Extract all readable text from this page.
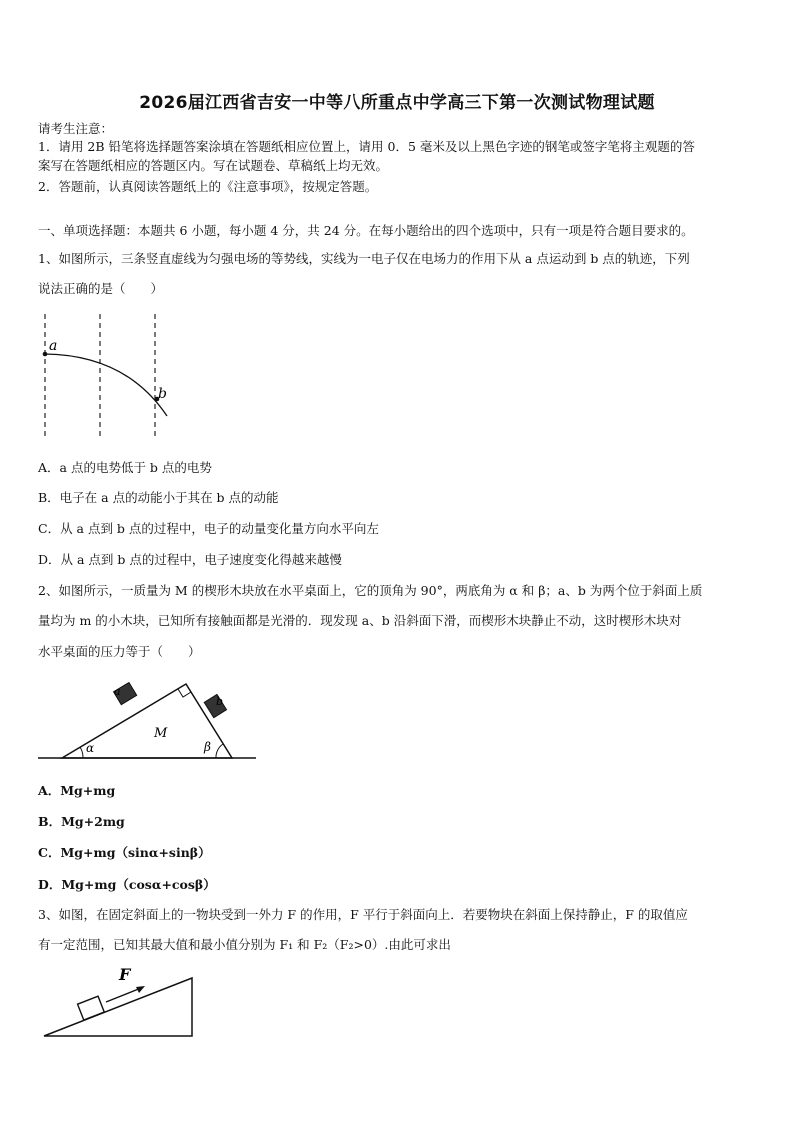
2026届江西省吉安一中等八所重点中学高三下第一次测试物理试题
请考生注意：
1．请用 2B 铅笔将选择题答案涂填在答题纸相应位置上，请用 0．5 毫米及以上黑色字迹的钢笔或签字笔将主观题的答
案写在答题纸相应的答题区内。写在试题卷、草稿纸上均无效。
2．答题前，认真阅读答题纸上的《注意事项》，按规定答题。
一、单项选择题：本题共 6 小题，每小题 4 分，共 24 分。在每小题给出的四个选项中，只有一项是符合题目要求的。
1、如图所示，三条竖直虚线为匀强电场的等势线，实线为一电子仅在电场力的作用下从 a 点运动到 b 点的轨迹，下列
说法正确的是（　　）
a
b
A．a 点的电势低于 b 点的电势
B．电子在 a 点的动能小于其在 b 点的动能
C．从 a 点到 b 点的过程中，电子的动量变化量方向水平向左
D．从 a 点到 b 点的过程中，电子速度变化得越来越慢
2、如图所示，一质量为 M 的楔形木块放在水平桌面上，它的顶角为 90°，两底角为 α 和 β；a、b 为两个位于斜面上质
量均为 m 的小木块，已知所有接触面都是光滑的．现发现 a、b 沿斜面下滑，而楔形木块静止不动，这时楔形木块对
水平桌面的压力等于（　　）
a
b
M
α	β
A．Mg+mg
B．Mg+2mg
C．Mg+mg（sinα+sinβ）
D．Mg+mg（cosα+cosβ）
3、如图，在固定斜面上的一物块受到一外力 F 的作用，F 平行于斜面向上．若要物块在斜面上保持静止，F 的取值应
有一定范围，已知其最大值和最小值分别为 F₁ 和 F₂（F₂>0）.由此可求出
F
